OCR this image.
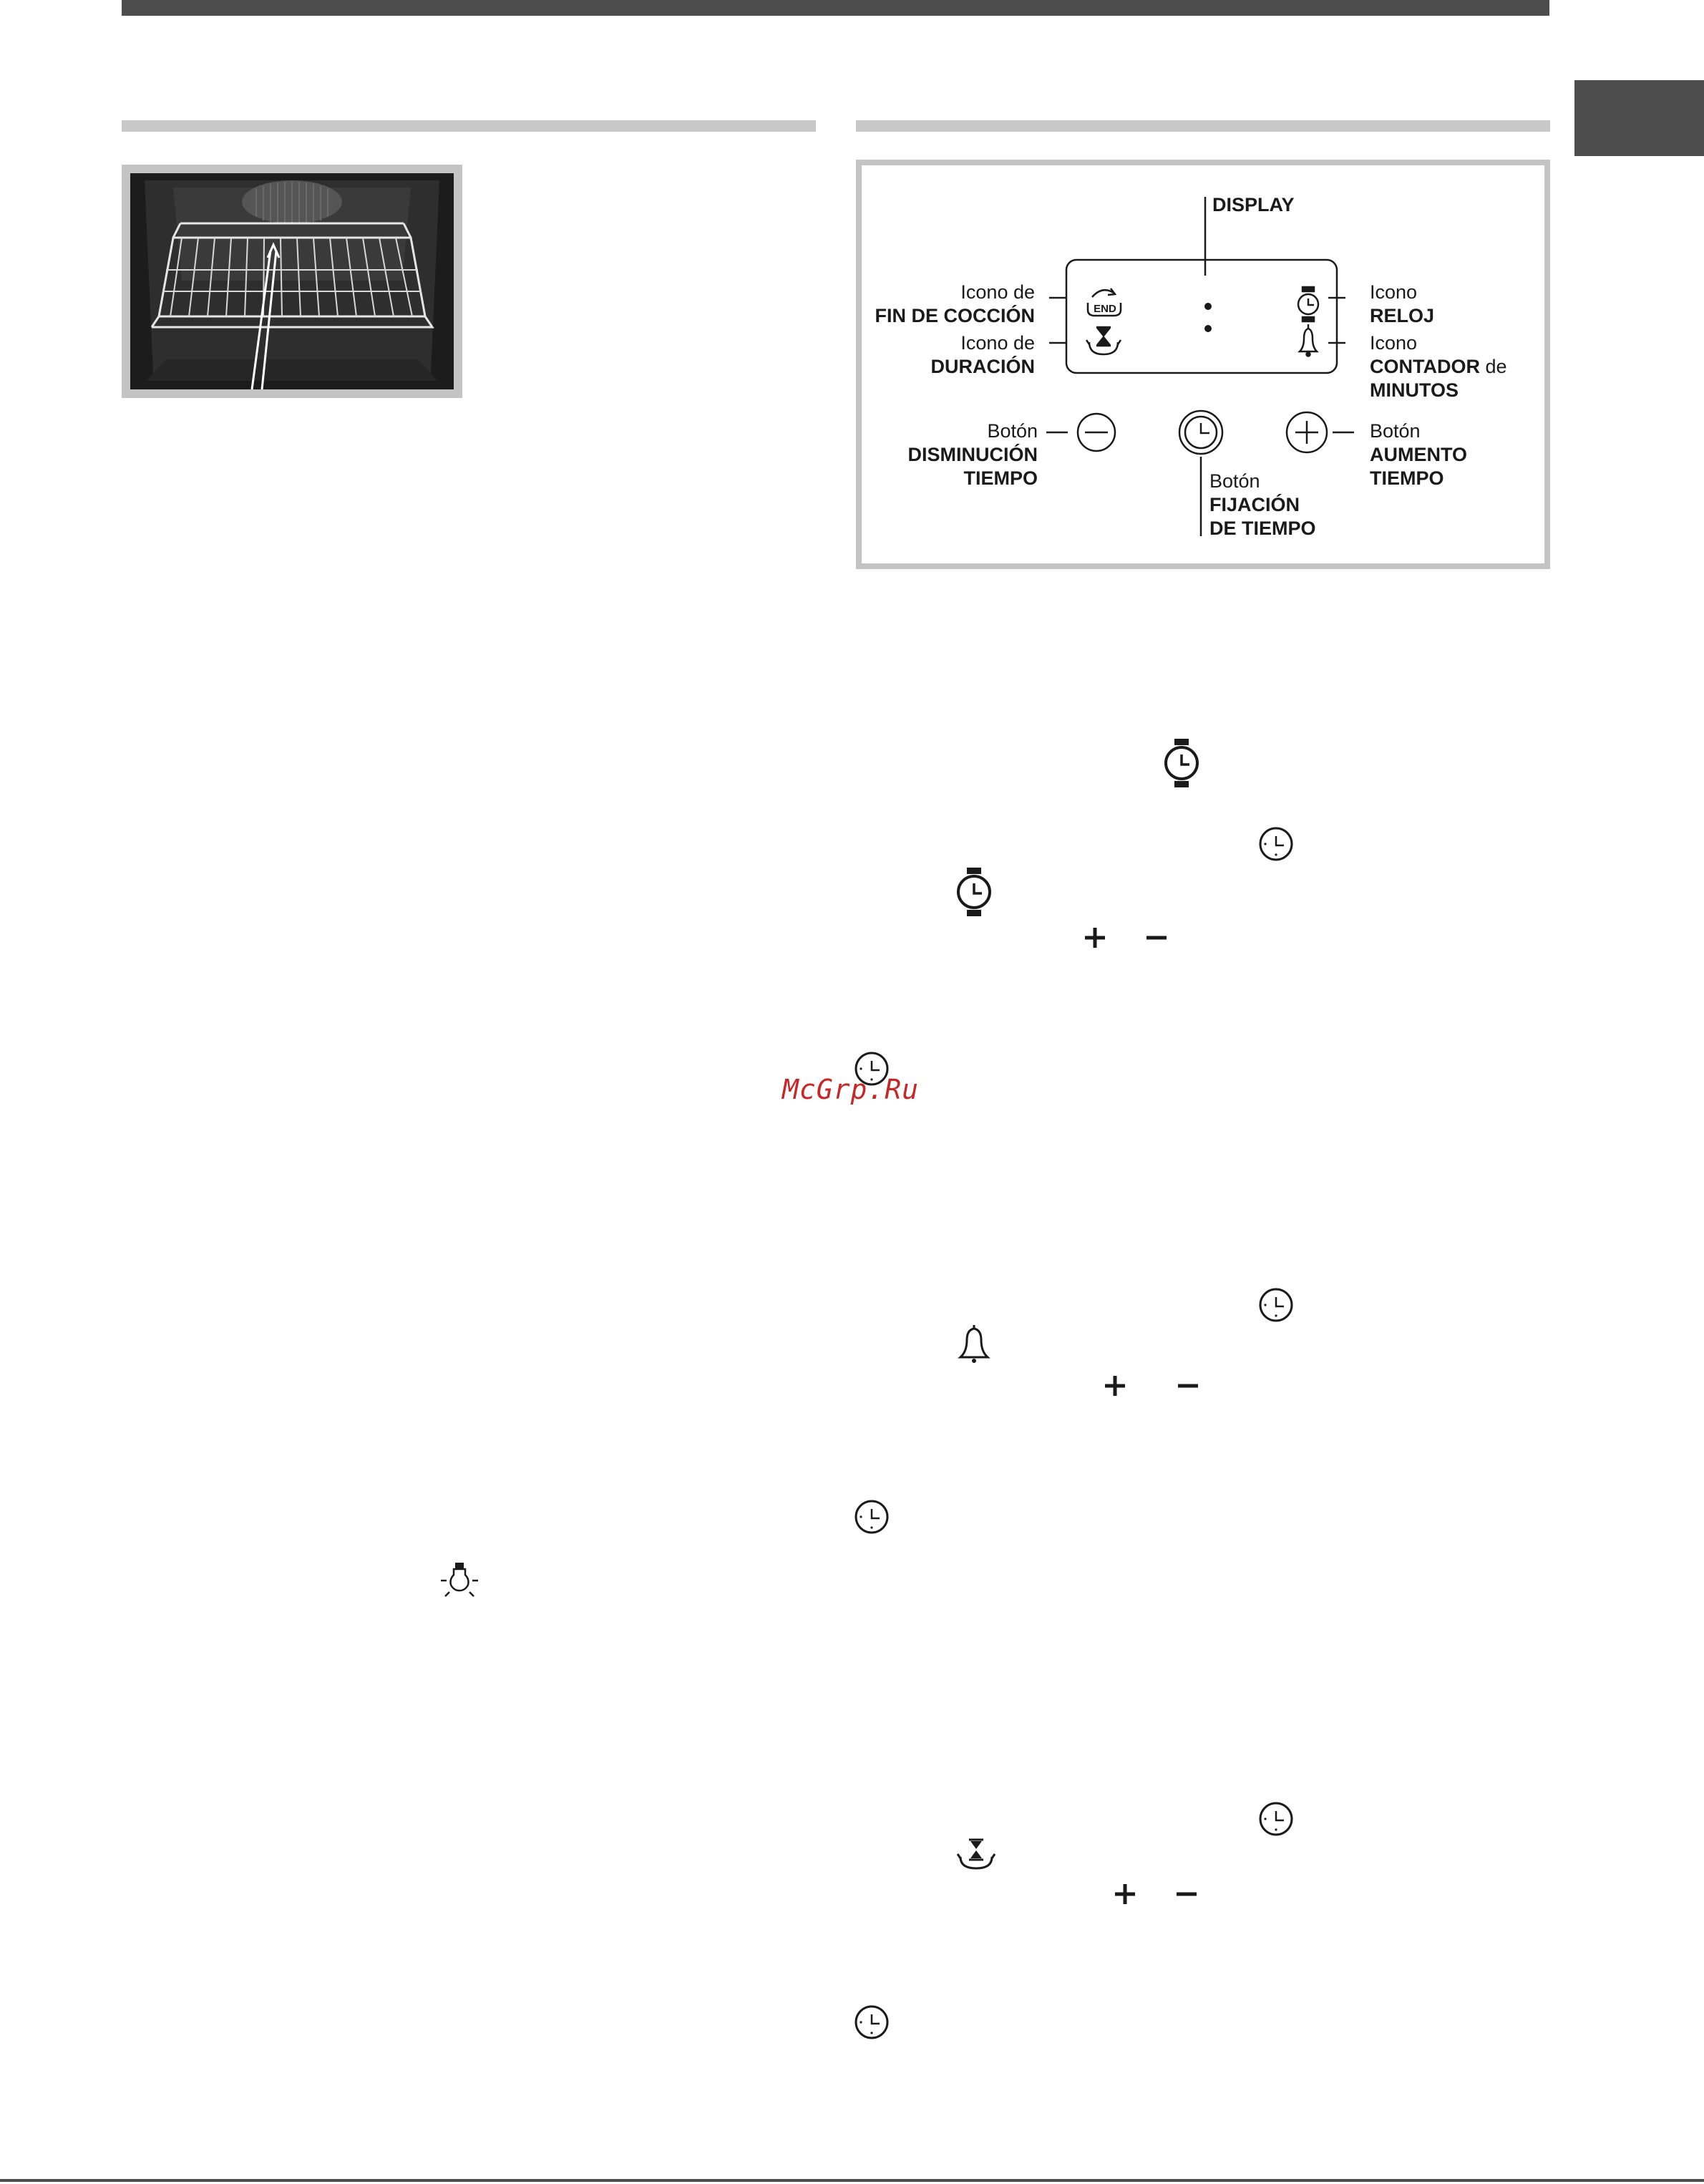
END
DISPLAY
Icono de
FIN DE COCCIÓN
Icono de
DURACIÓN
Icono
RELOJ
Icono
CONTADOR de
MINUTOS
Botón
DISMINUCIÓN
TIEMPO	Botón
FIJACIÓN
DE TIEMPO
Botón
AUMENTO
TIEMPO
McGrp.Ru
